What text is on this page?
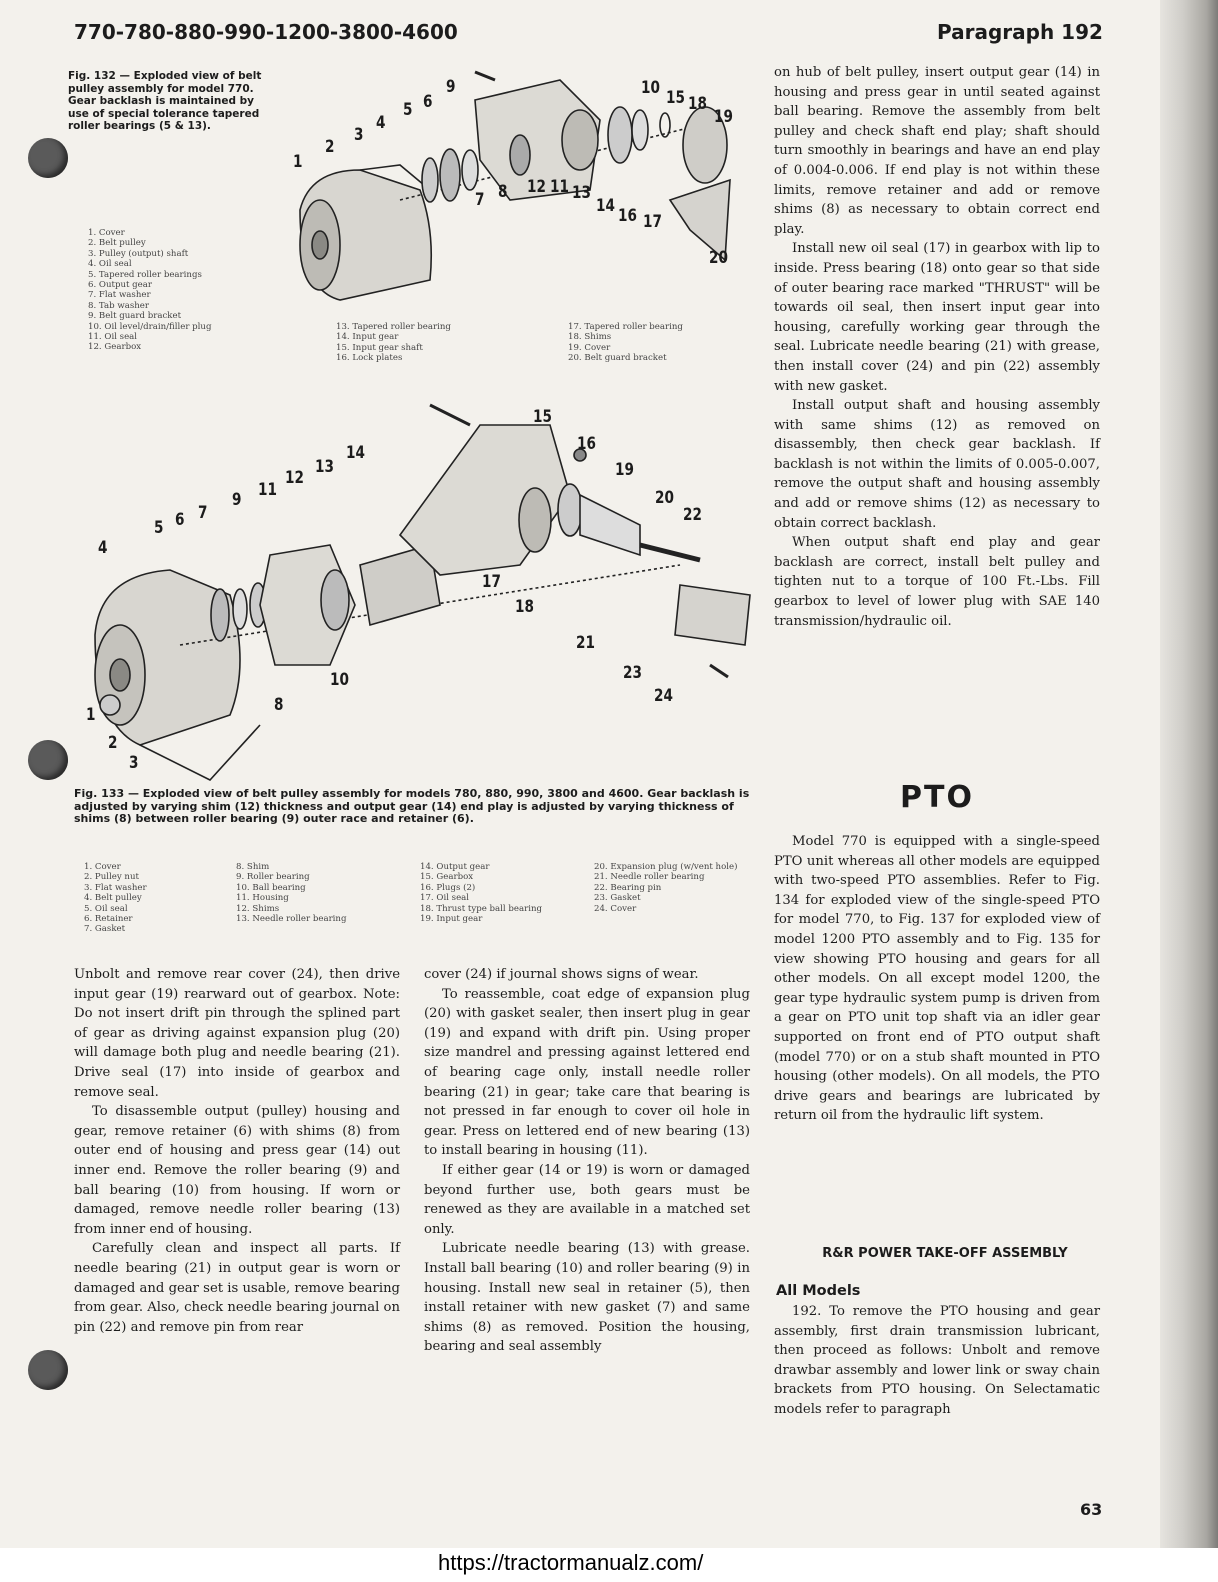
770-780-880-990-1200-3800-4600	Paragraph 192
Fig. 132 — Exploded view of belt pulley assembly for model 770. Gear backlash is maintained by use of special tolerance tapered roller bearings (5 & 13).
1
2
3
4
5 6
7 8
9	10
11
12 13
14
15
16 17
18
19
20
1. Cover
2. Belt pulley
3. Pulley (output) shaft
4. Oil seal
5. Tapered roller bearings
6. Output gear
7. Flat washer
8. Tab washer
9. Belt guard bracket
10. Oil level/drain/filler plug
11. Oil seal
12. Gearbox
13. Tapered roller bearing
14. Input gear
15. Input gear shaft
16. Lock plates
17. Tapered roller bearing
18. Shims
19. Cover
20. Belt guard bracket
1
2
3
4
5 6 7
8
9
10
11
12
13
14
15
16
17
18
19
20
21
22
23
24
Fig. 133 — Exploded view of belt pulley assembly for models 780, 880, 990, 3800 and 4600. Gear backlash is adjusted by varying shim (12) thickness and output gear (14) end play is adjusted by varying thickness of shims (8) between roller bearing (9) outer race and retainer (6).
1. Cover
2. Pulley nut
3. Flat washer
4. Belt pulley
5. Oil seal
6. Retainer
7. Gasket
8. Shim
9. Roller bearing
10. Ball bearing
11. Housing
12. Shims
13. Needle roller bearing
14. Output gear
15. Gearbox
16. Plugs (2)
17. Oil seal
18. Thrust type ball bearing
19. Input gear
20. Expansion plug (w/vent hole)
21. Needle roller bearing
22. Bearing pin
23. Gasket
24. Cover

Unbolt and remove rear cover (24), then drive input gear (19) rearward out of gearbox. Note: Do not insert drift pin through the splined part of gear as driving against expansion plug (20) will damage both plug and needle bearing (21). Drive seal (17) into inside of gearbox and remove seal.

To disassemble output (pulley) housing and gear, remove retainer (6) with shims (8) from outer end of housing and press gear (14) out inner end. Remove the roller bearing (9) and ball bearing (10) from housing. If worn or damaged, remove needle roller bearing (13) from inner end of housing.

Carefully clean and inspect all parts. If needle bearing (21) in output gear is worn or damaged and gear set is usable, remove bearing from gear. Also, check needle bearing journal on pin (22) and remove pin from rear

cover (24) if journal shows signs of wear.

To reassemble, coat edge of expansion plug (20) with gasket sealer, then insert plug in gear (19) and expand with drift pin. Using proper size mandrel and pressing against lettered end of bearing cage only, install needle roller bearing (21) in gear; take care that bearing is not pressed in far enough to cover oil hole in gear. Press on lettered end of new bearing (13) to install bearing in housing (11).

If either gear (14 or 19) is worn or damaged beyond further use, both gears must be renewed as they are available in a matched set only.

Lubricate needle bearing (13) with grease. Install ball bearing (10) and roller bearing (9) in housing. Install new seal in retainer (5), then install retainer with new gasket (7) and same shims (8) as removed. Position the housing, bearing and seal assembly

on hub of belt pulley, insert output gear (14) in housing and press gear in until seated against ball bearing. Remove the assembly from belt pulley and check shaft end play; shaft should turn smoothly in bearings and have an end play of 0.004-0.006. If end play is not within these limits, remove retainer and add or remove shims (8) as necessary to obtain correct end play.

Install new oil seal (17) in gearbox with lip to inside. Press bearing (18) onto gear so that side of outer bearing race marked "THRUST" will be towards oil seal, then insert input gear into housing, carefully working gear through the seal. Lubricate needle bearing (21) with grease, then install cover (24) and pin (22) assembly with new gasket.

Install output shaft and housing assembly with same shims (12) as removed on disassembly, then check gear backlash. If backlash is not within the limits of 0.005-0.007, remove the output shaft and housing assembly and add or remove shims (12) as necessary to obtain correct backlash.

When output shaft end play and gear backlash are correct, install belt pulley and tighten nut to a torque of 100 Ft.-Lbs. Fill gearbox to level of lower plug with SAE 140 transmission/hydraulic oil.

PTO

Model 770 is equipped with a single-speed PTO unit whereas all other models are equipped with two-speed PTO assemblies. Refer to Fig. 134 for exploded view of the single-speed PTO for model 770, to Fig. 137 for exploded view of model 1200 PTO assembly and to Fig. 135 for view showing PTO housing and gears for all other models. On all except model 1200, the gear type hydraulic system pump is driven from a gear on PTO unit top shaft via an idler gear supported on front end of PTO output shaft (model 770) or on a stub shaft mounted in PTO housing (other models). On all models, the PTO drive gears and bearings are lubricated by return oil from the hydraulic lift system.

R&R POWER TAKE-OFF ASSEMBLY
All Models

192. To remove the PTO housing and gear assembly, first drain transmission lubricant, then proceed as follows: Unbolt and remove drawbar assembly and lower link or sway chain brackets from PTO housing. On Selectamatic models refer to paragraph

63
https://tractormanualz.com/
